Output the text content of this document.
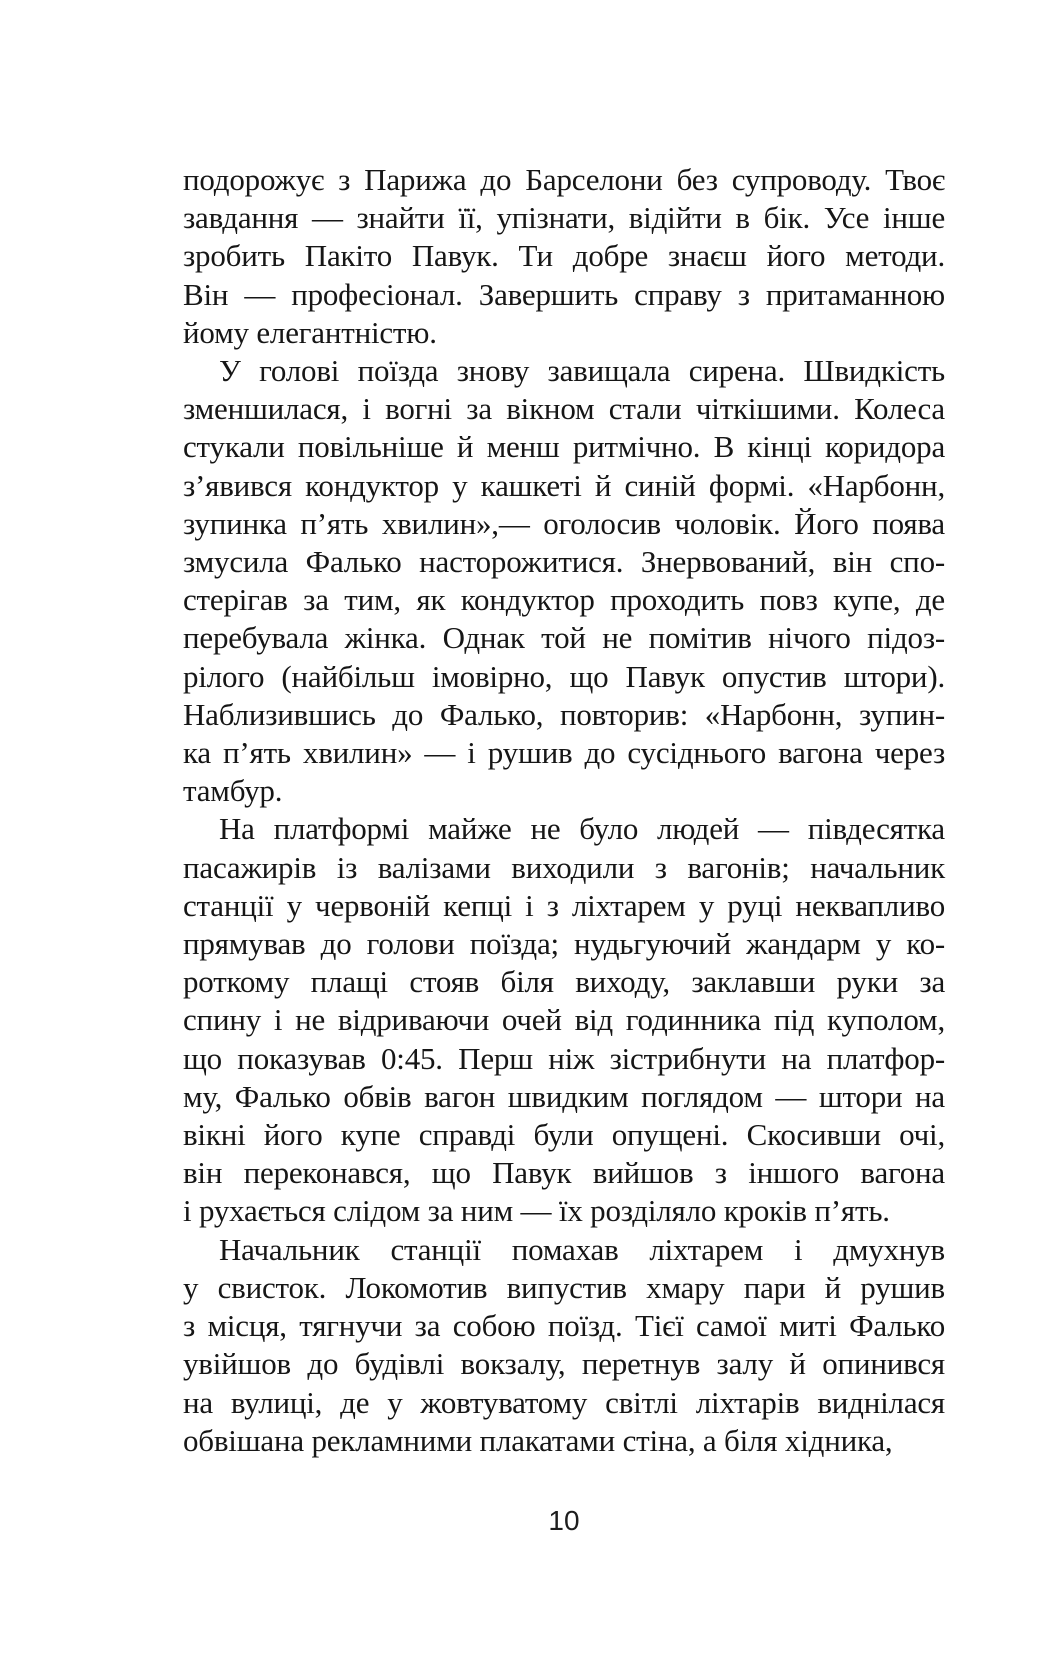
подорожує з Парижа до Барселони без супроводу. Твоє
завдання — знайти її, упізнати, відійти в бік. Усе інше
зробить Пакіто Павук. Ти добре знаєш його методи.
Він — професіонал. Завершить справу з притаманною
йому елегантністю.

У голові поїзда знову завищала сирена. Швидкість
зменшилася, і вогні за вікном стали чіткішими. Колеса
стукали повільніше й менш ритмічно. В кінці коридора
з’явився кондуктор у кашкеті й синій формі. «Нарбонн,
зупинка п’ять хвилин»,— оголосив чоловік. Його поява
змусила Фалько насторожитися. Знервований, він спо-
стерігав за тим, як кондуктор проходить повз купе, де
перебувала жінка. Однак той не помітив нічого підоз-
рілого (найбільш імовірно, що Павук опустив штори).
Наблизившись до Фалько, повторив: «Нарбонн, зупин-
ка п’ять хвилин» — і рушив до сусіднього вагона через
тамбур.

На платформі майже не було людей — півдесятка
пасажирів із валізами виходили з вагонів; начальник
станції у червоній кепці і з ліхтарем у руці неквапливо
прямував до голови поїзда; нудьгуючий жандарм у ко-
роткому плащі стояв біля виходу, заклавши руки за
спину і не відриваючи очей від годинника під куполом,
що показував 0:45. Перш ніж зістрибнути на платфор-
му, Фалько обвів вагон швидким поглядом — штори на
вікні його купе справді були опущені. Скосивши очі,
він переконався, що Павук вийшов з іншого вагона
і рухається слідом за ним — їх розділяло кроків п’ять.

Начальник станції помахав ліхтарем і дмухнув
у свисток. Локомотив випустив хмару пари й рушив
з місця, тягнучи за собою поїзд. Тієї самої миті Фалько
увійшов до будівлі вокзалу, перетнув залу й опинився
на вулиці, де у жовтуватому світлі ліхтарів виднілася
обвішана рекламними плакатами стіна, а біля хідника,

10
